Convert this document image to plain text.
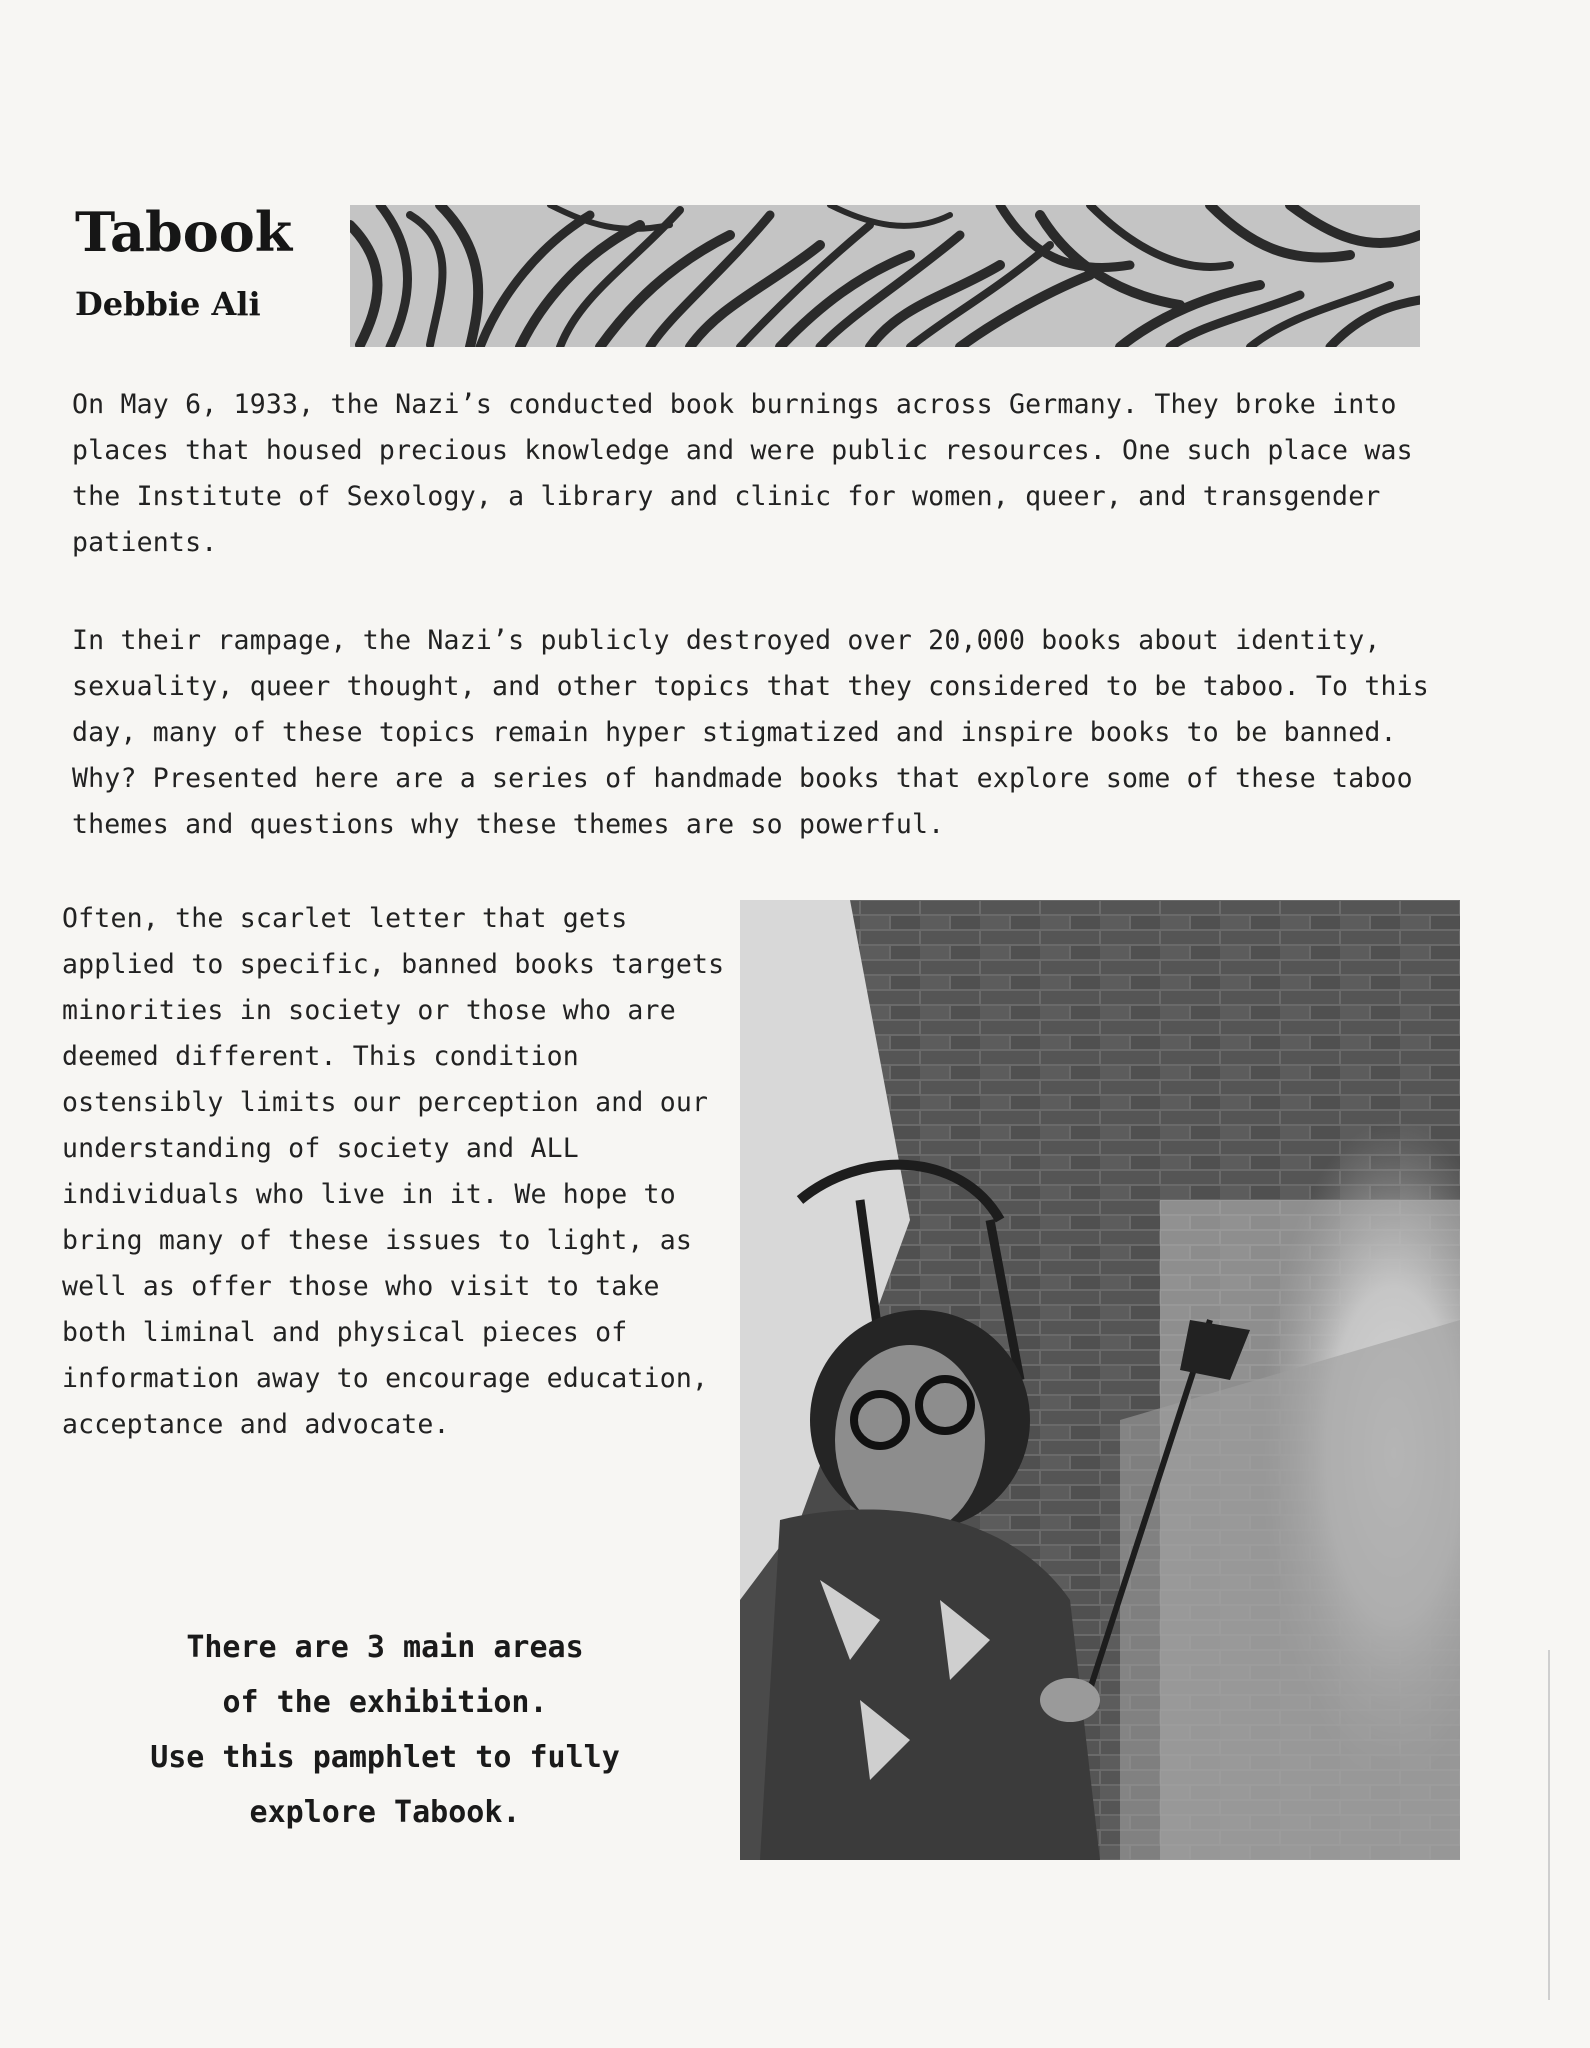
Tabook
Debbie Ali

On May 6, 1933, the Nazi’s conducted book burnings across Germany. They broke into places that housed precious knowledge and were public resources. One such place was the Institute of Sexology, a library and clinic for women, queer, and transgender patients.

In their rampage, the Nazi’s publicly destroyed over 20,000 books about identity, sexuality, queer thought, and other topics that they considered to be taboo. To this day, many of these topics remain hyper stigmatized and inspire books to be banned. Why? Presented here are a series of handmade books that explore some of these taboo themes and questions why these themes are so powerful.

Often, the scarlet letter that gets applied to specific, banned books targets minorities in society or those who are deemed different. This condition ostensibly limits our perception and our understanding of society and ALL individuals who live in it. We hope to bring many of these issues to light, as well as offer those who visit to take both liminal and physical pieces of information away to encourage education, acceptance and advocate.

There are 3 main areas
of the exhibition.
Use this pamphlet to fully
explore Tabook.
